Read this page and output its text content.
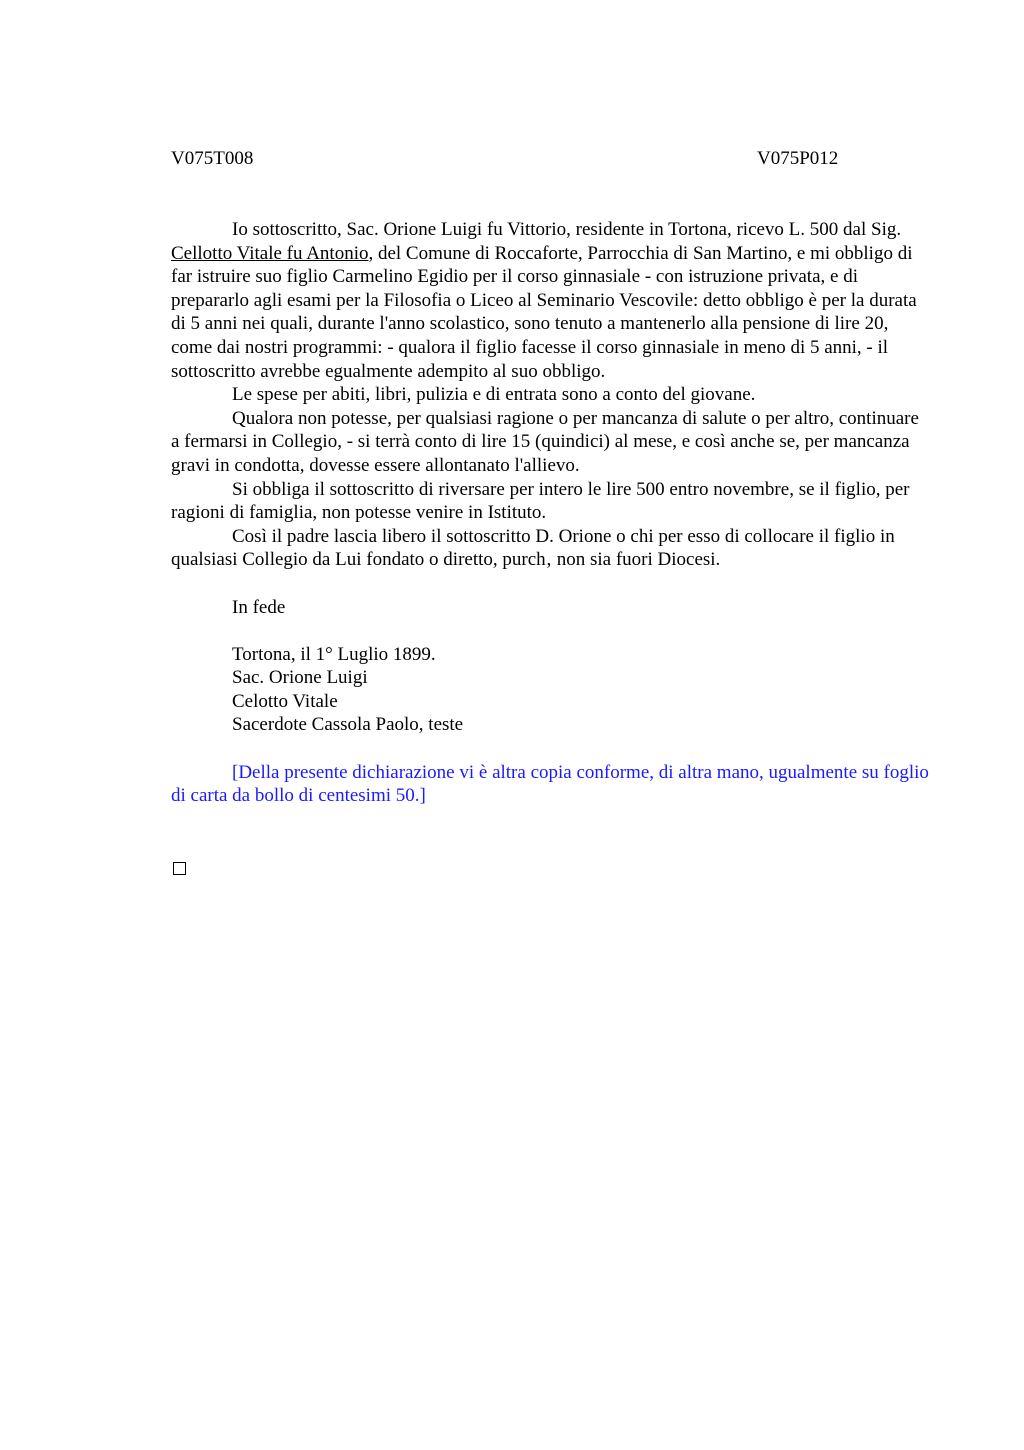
V075T008	V075P012

Io sottoscritto, Sac. Orione Luigi fu Vittorio, residente in Tortona, ricevo L. 500 dal Sig. Cellotto Vitale fu Antonio, del Comune di Roccaforte, Parrocchia di San Martino, e mi obbligo di far istruire suo figlio Carmelino Egidio per il corso ginnasiale - con istruzione privata, e di prepararlo agli esami per la Filosofia o Liceo al Seminario Vescovile: detto obbligo è per la durata di 5 anni nei quali, durante l'anno scolastico, sono tenuto a mantenerlo alla pensione di lire 20, come dai nostri programmi: - qualora il figlio facesse il corso ginnasiale in meno di 5 anni, - il sottoscritto avrebbe egualmente adempito al suo obbligo.

Le spese per abiti, libri, pulizia e di entrata sono a conto del giovane.

Qualora non potesse, per qualsiasi ragione o per mancanza di salute o per altro, continuare a fermarsi in Collegio, - si terrà conto di lire 15 (quindici) al mese, e così anche se, per mancanza gravi in condotta, dovesse essere allontanato l'allievo.

Si obbliga il sottoscritto di riversare per intero le lire 500 entro novembre, se il figlio, per ragioni di famiglia, non potesse venire in Istituto.

Così il padre lascia libero il sottoscritto D. Orione o chi per esso di collocare il figlio in qualsiasi Collegio da Lui fondato o diretto, purch‚ non sia fuori Diocesi.

In fede
Tortona, il 1° Luglio 1899.
Sac. Orione Luigi
Celotto Vitale
Sacerdote Cassola Paolo, teste

[Della presente dichiarazione vi è altra copia conforme, di altra mano, ugualmente su foglio di carta da bollo di centesimi 50.]
